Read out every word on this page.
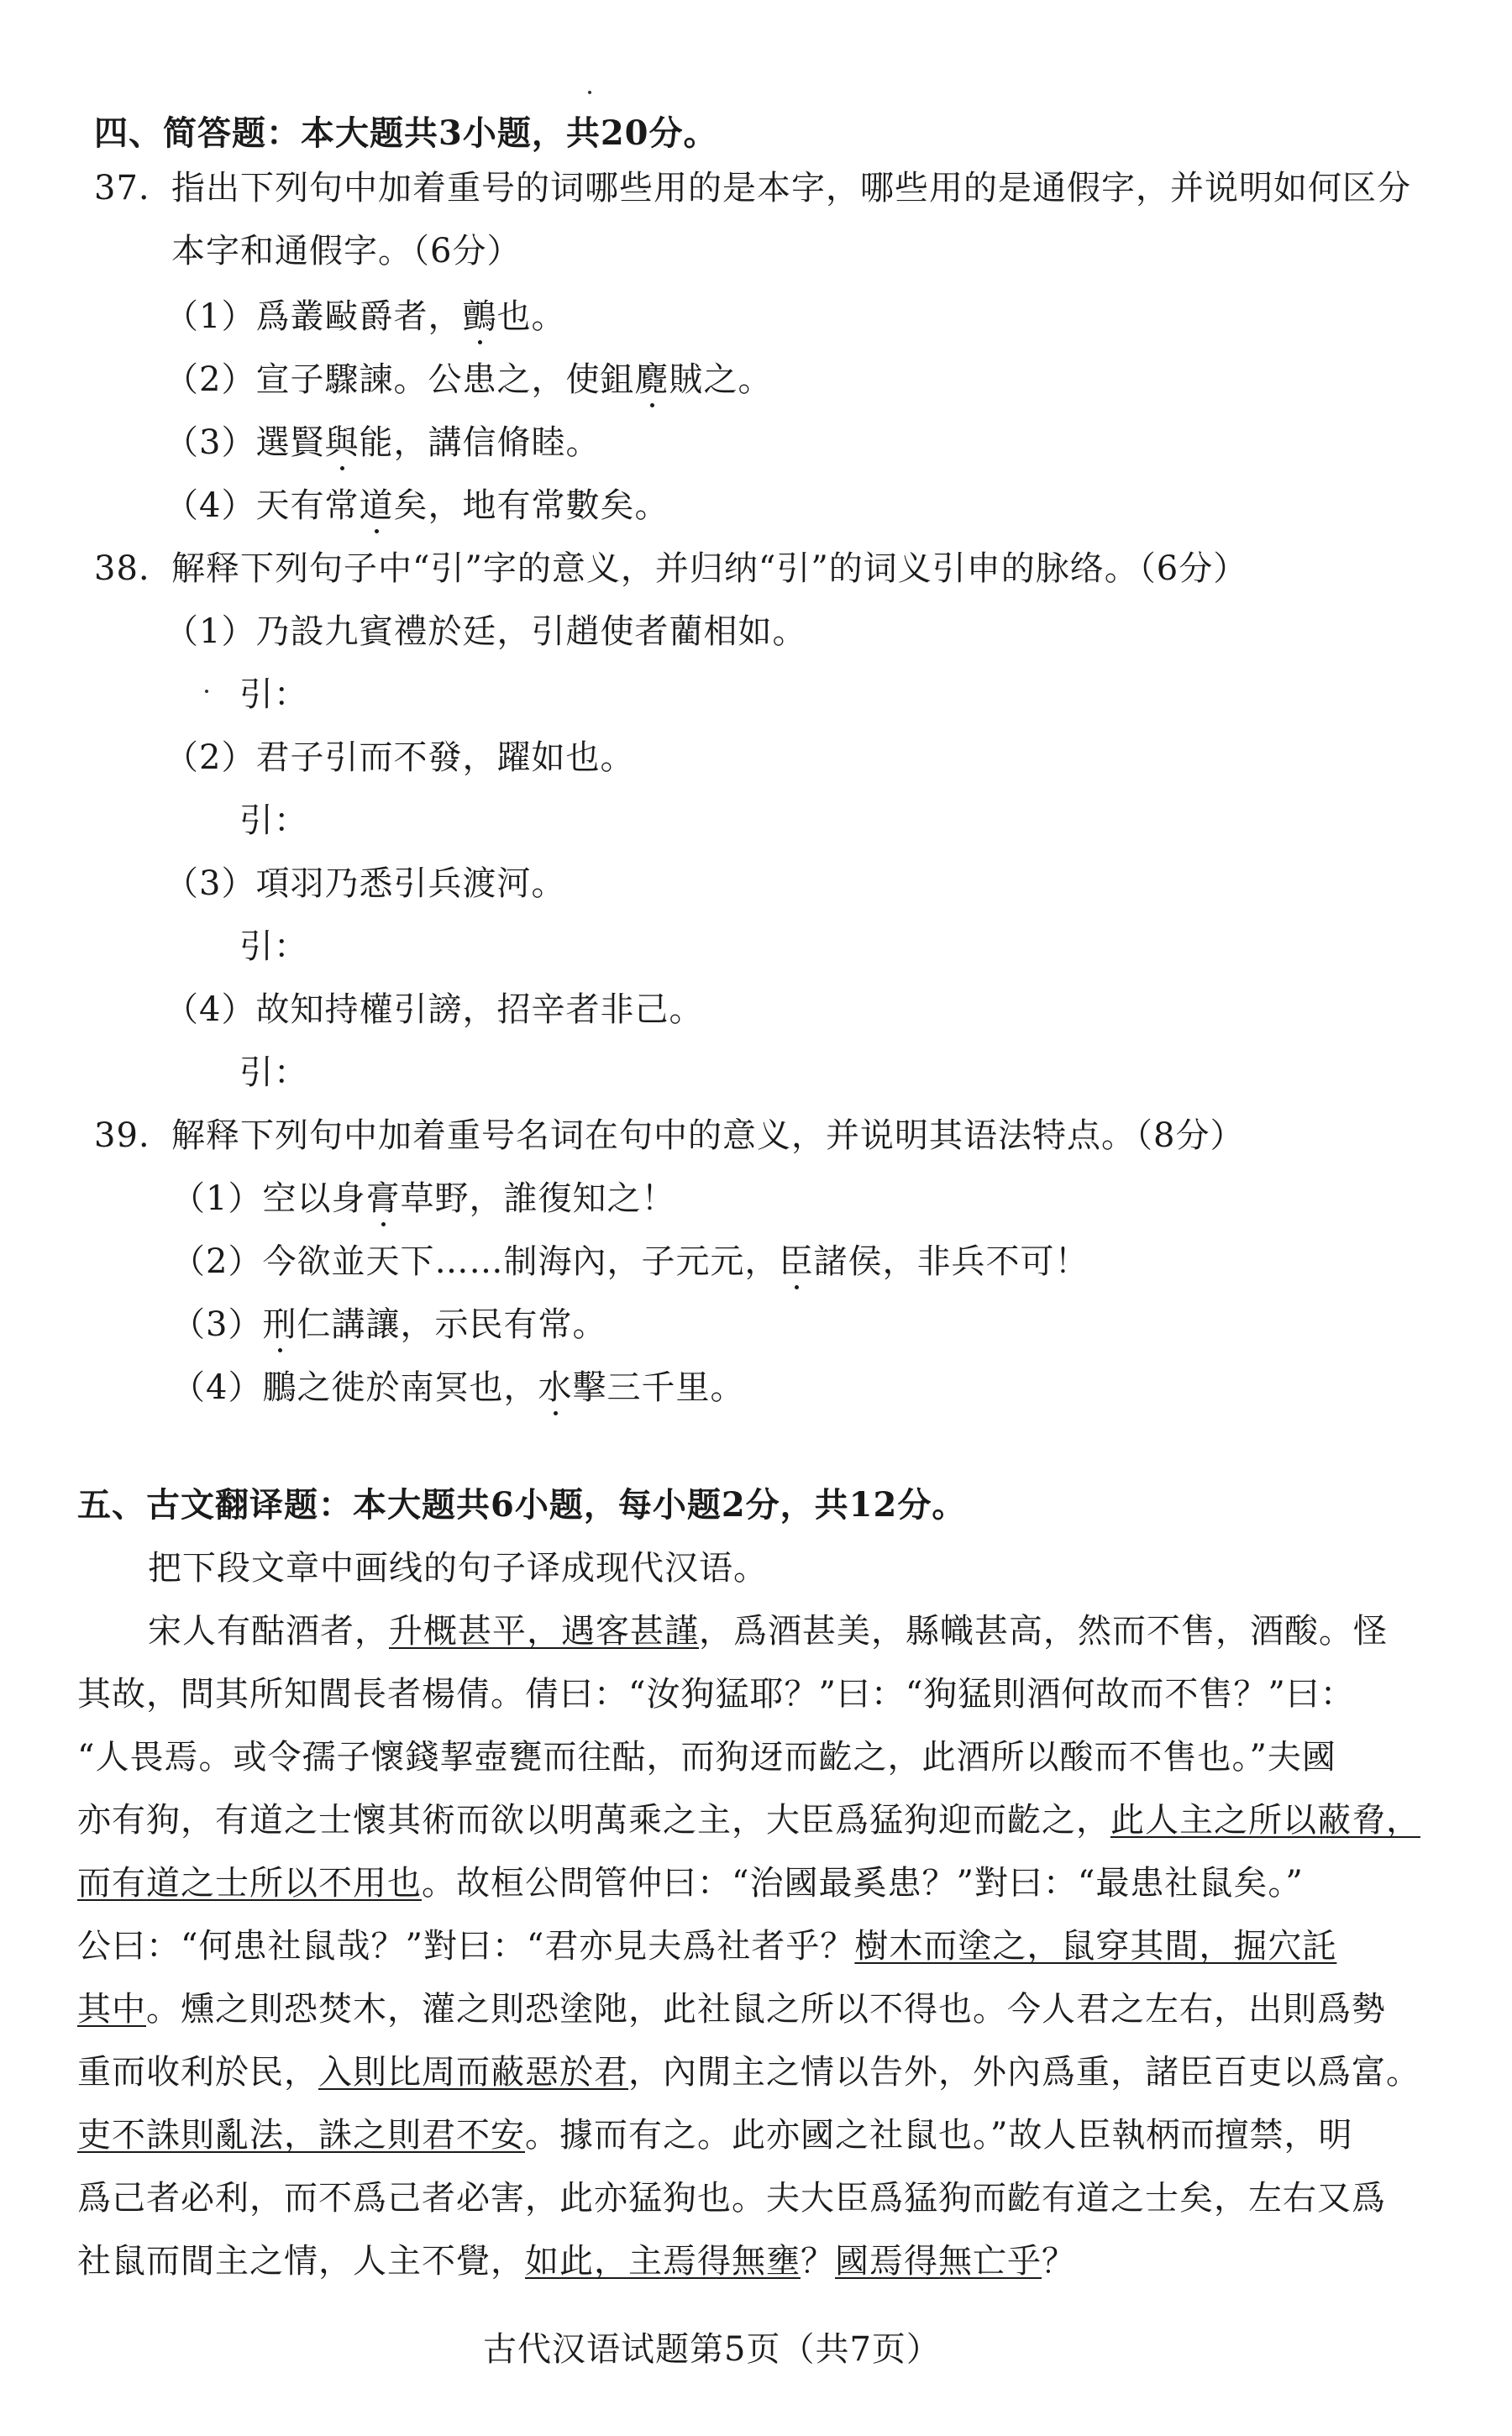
四、简答题：本大题共3小题，共20分。
37. 指出下列句中加着重号的词哪些用的是本字，哪些用的是通假字，并说明如何区分
本字和通假字。（6分）
（1）爲叢敺爵者，鸇也。
（2）宣子驟諫。公患之，使鉏麑賊之。
（3）選賢與能，講信脩睦。
（4）天有常道矣，地有常數矣。
38. 解释下列句子中“引”字的意义，并归纳“引”的词义引申的脉络。（6分）
（1）乃設九賓禮於廷，引趙使者藺相如。
引：
（2）君子引而不發，躍如也。
引：
（3）項羽乃悉引兵渡河。
引：
（4）故知持權引謗，招辛者非己。
引：
39. 解释下列句中加着重号名词在句中的意义，并说明其语法特点。（8分）
（1）空以身膏草野，誰復知之！
（2）今欲並天下……制海內，子元元，臣諸侯，非兵不可！
（3）刑仁講讓，示民有常。
（4）鵬之徙於南冥也，水擊三千里。
五、古文翻译题：本大题共6小题，每小题2分，共12分。
把下段文章中画线的句子译成现代汉语。
宋人有酤酒者，升概甚平，遇客甚謹，爲酒甚美，縣幟甚高，然而不售，酒酸。怪
其故，問其所知閭長者楊倩。倩曰：“汝狗猛耶？”曰：“狗猛則酒何故而不售？”曰：
“人畏焉。或令孺子懷錢挈壺甕而往酤，而狗迓而齕之，此酒所以酸而不售也。”夫國
亦有狗，有道之士懷其術而欲以明萬乘之主，大臣爲猛狗迎而齕之，此人主之所以蔽脅，
而有道之士所以不用也。故桓公問管仲曰：“治國最奚患？”對曰：“最患社鼠矣。”
公曰：“何患社鼠哉？”對曰：“君亦見夫爲社者乎？樹木而塗之，鼠穿其間，掘穴託
其中。燻之則恐焚木，灌之則恐塗阤，此社鼠之所以不得也。今人君之左右，出則爲勢
重而收利於民，入則比周而蔽惡於君，內閒主之情以告外，外內爲重，諸臣百吏以爲富。
吏不誅則亂法，誅之則君不安。據而有之。此亦國之社鼠也。”故人臣執柄而擅禁，明
爲己者必利，而不爲己者必害，此亦猛狗也。夫大臣爲猛狗而齕有道之士矣，左右又爲
社鼠而間主之情，人主不覺，如此，主焉得無壅？國焉得無亡乎？
古代汉语试题第5页（共7页）
